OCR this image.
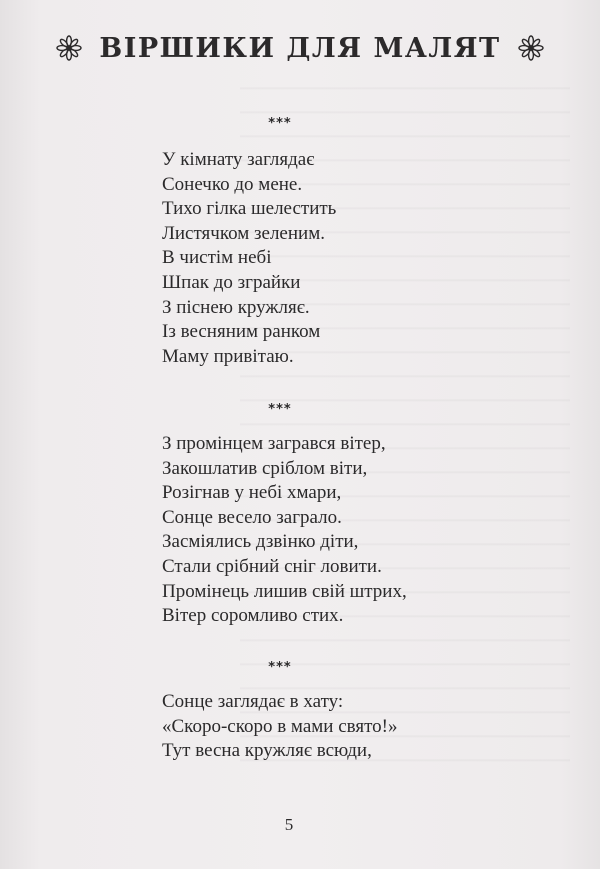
ВІРШИКИ ДЛЯ МАЛЯТ
***
У кімнату заглядає
Сонечко до мене.
Тихо гілка шелестить
Листячком зеленим.
В чистім небі
Шпак до зграйки
З піснею кружляє.
Із весняним ранком
Маму привітаю.
***
З промінцем загрався вітер,
Закошлатив сріблом віти,
Розігнав у небі хмари,
Сонце весело заграло.
Засміялись дзвінко діти,
Стали срібний сніг ловити.
Промінець лишив свій штрих,
Вітер соромливо стих.
***
Сонце заглядає в хату:
«Скоро-скоро в мами свято!»
Тут весна кружляє всюди,
5
